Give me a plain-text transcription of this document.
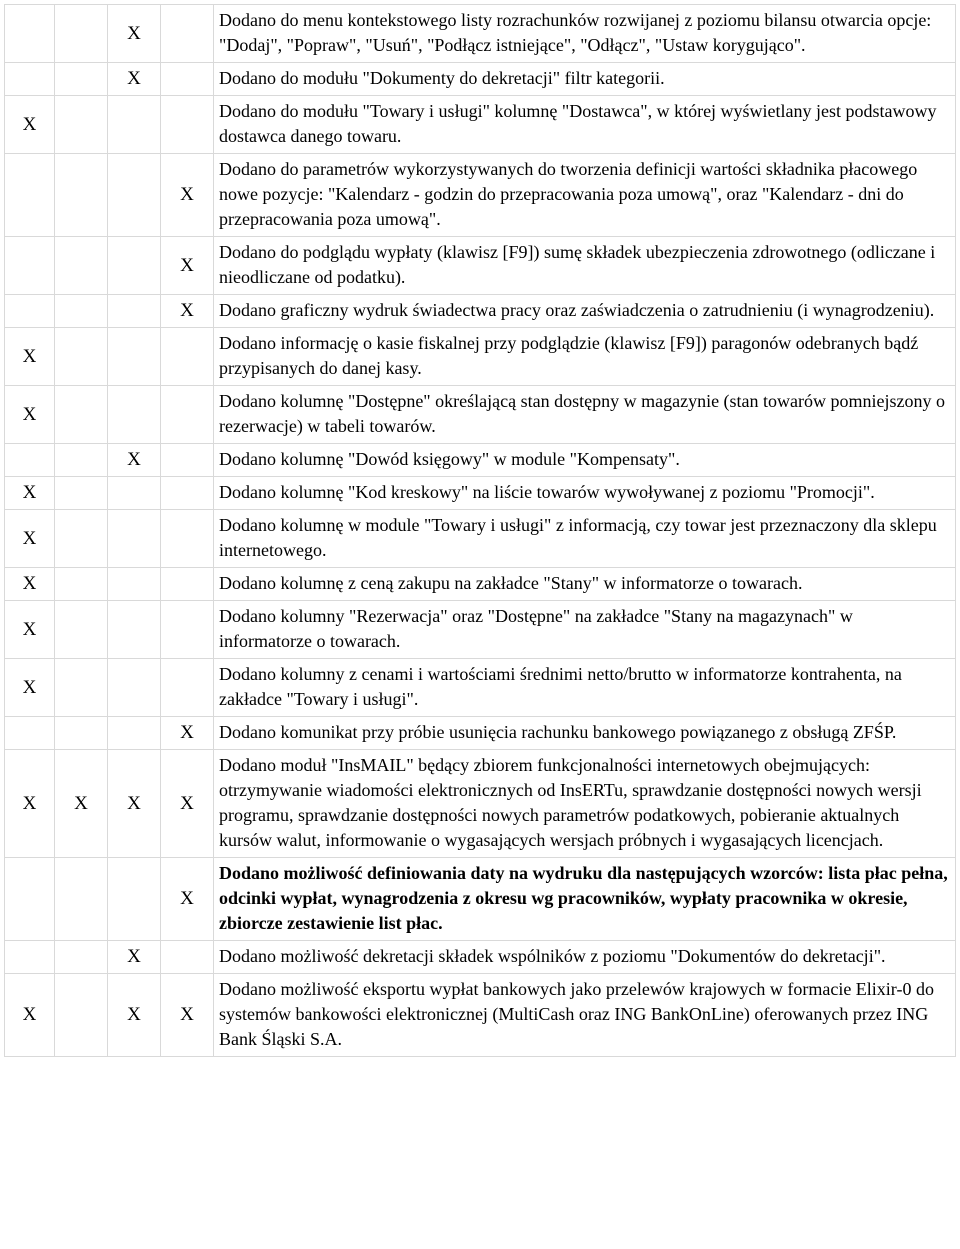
		X		Dodano do menu kontekstowego listy rozrachunków rozwijanej z poziomu bilansu otwarcia opcje: "Dodaj", "Popraw", "Usuń", "Podłącz istniejące", "Odłącz", "Ustaw korygująco".
		X		Dodano do modułu "Dokumenty do dekretacji" filtr kategorii.
X				Dodano do modułu "Towary i usługi" kolumnę "Dostawca", w której wyświetlany jest podstawowy dostawca danego towaru.
			X	Dodano do parametrów wykorzystywanych do tworzenia definicji wartości składnika płacowego nowe pozycje: "Kalendarz - godzin do przepracowania poza umową", oraz "Kalendarz - dni do przepracowania poza umową".
			X	Dodano do podglądu wypłaty (klawisz [F9]) sumę składek ubezpieczenia zdrowotnego (odliczane i nieodliczane od podatku).
			X	Dodano graficzny wydruk świadectwa pracy oraz zaświadczenia o zatrudnieniu (i wynagrodzeniu).
X				Dodano informację o kasie fiskalnej przy podglądzie (klawisz [F9]) paragonów odebranych bądź przypisanych do danej kasy.
X				Dodano kolumnę "Dostępne" określającą stan dostępny w magazynie (stan towarów pomniejszony o rezerwacje) w tabeli towarów.
		X		Dodano kolumnę "Dowód księgowy" w module "Kompensaty".
X				Dodano kolumnę "Kod kreskowy" na liście towarów wywoływanej z poziomu "Promocji".
X				Dodano kolumnę w module "Towary i usługi" z informacją, czy towar jest przeznaczony dla sklepu internetowego.
X				Dodano kolumnę z ceną zakupu na zakładce "Stany" w informatorze o towarach.
X				Dodano kolumny "Rezerwacja" oraz "Dostępne" na zakładce "Stany na magazynach" w informatorze o towarach.
X				Dodano kolumny z cenami i wartościami średnimi netto/brutto w informatorze kontrahenta, na zakładce "Towary i usługi".
			X	Dodano komunikat przy próbie usunięcia rachunku bankowego powiązanego z obsługą ZFŚP.
X	X	X	X	Dodano moduł "InsMAIL" będący zbiorem funkcjonalności internetowych obejmujących: otrzymywanie wiadomości elektronicznych od InsERTu, sprawdzanie dostępności nowych wersji programu, sprawdzanie dostępności nowych parametrów podatkowych, pobieranie aktualnych kursów walut, informowanie o wygasających wersjach próbnych i wygasających licencjach.
			X	Dodano możliwość definiowania daty na wydruku dla następujących wzorców: lista płac pełna, odcinki wypłat, wynagrodzenia z okresu wg pracowników, wypłaty pracownika w okresie, zbiorcze zestawienie list płac.
		X		Dodano możliwość dekretacji składek wspólników z poziomu "Dokumentów do dekretacji".
X		X	X	Dodano możliwość eksportu wypłat bankowych jako przelewów krajowych w formacie Elixir-0 do systemów bankowości elektronicznej (MultiCash oraz ING BankOnLine) oferowanych przez ING Bank Śląski S.A.
